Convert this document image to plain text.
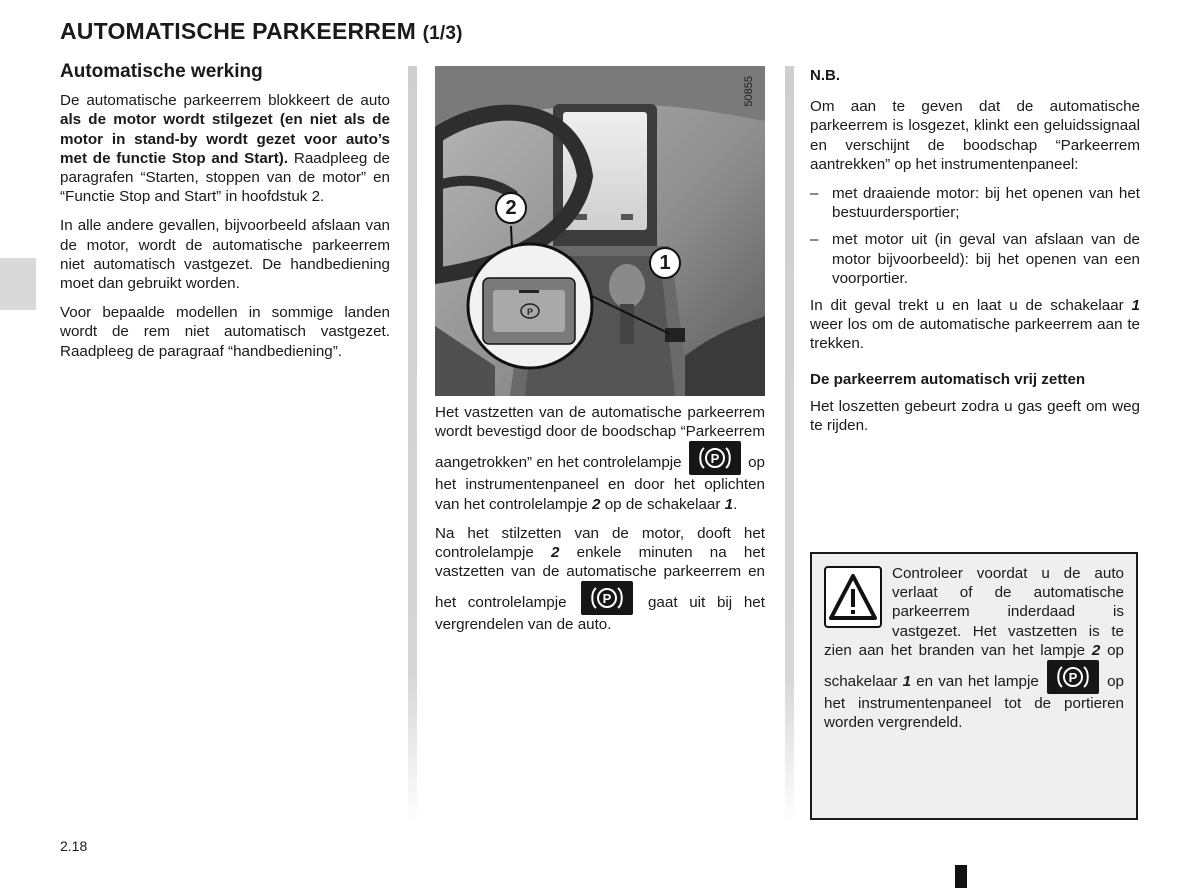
AUTOMATISCHE PARKEERREM (1/3)
Automatische werking

De automatische parkeerrem blokkeert de auto als de motor wordt stilgezet (en niet als de motor in stand-by wordt gezet voor auto’s met de functie Stop and Start). Raadpleeg de paragrafen “Starten, stoppen van de motor” en “Functie Stop and Start” in hoofdstuk 2.

In alle andere gevallen, bijvoorbeeld afslaan van de motor, wordt de automatische parkeerrem niet automatisch vastgezet. De handbediening moet dan gebruikt worden.

Voor bepaalde modellen in sommige landen wordt de rem niet automatisch vastgezet. Raadpleeg de paragraaf “handbediening”.

P
50855
2
1

Het vastzetten van de automatische parkeerrem wordt bevestigd door de boodschap “Parkeerrem aangetrokken” en het controlelampje P op het instrumentenpaneel en door het oplichten van het controlelampje 2 op de schakelaar 1.

Na het stilzetten van de motor, dooft het controlelampje 2 enkele minuten na het vastzetten van de automatische parkeerrem en het controlelampje	P gaat uit bij het vergrendelen van de auto.

N.B.

Om aan te geven dat de automatische parkeerrem is losgezet, klinkt een geluidssignaal en verschijnt de boodschap “Parkeerrem aantrekken” op het instrumentenpaneel:

– met draaiende motor: bij het openen van het bestuurdersportier;
– met motor uit (in geval van afslaan van de motor bijvoorbeeld): bij het openen van een voorportier.

In dit geval trekt u en laat u de schakelaar 1 weer los om de automatische parkeerrem aan te trekken.

De parkeerrem automatisch vrij zetten

Het loszetten gebeurt zodra u gas geeft om weg te rijden.

Controleer voordat u de auto verlaat of de automatische parkeerrem inderdaad is vastgezet. Het vastzetten is te zien aan het branden van het lampje 2 op schakelaar 1 en van het lampje P op het instrumentenpaneel tot de portieren worden vergrendeld.

2.18
